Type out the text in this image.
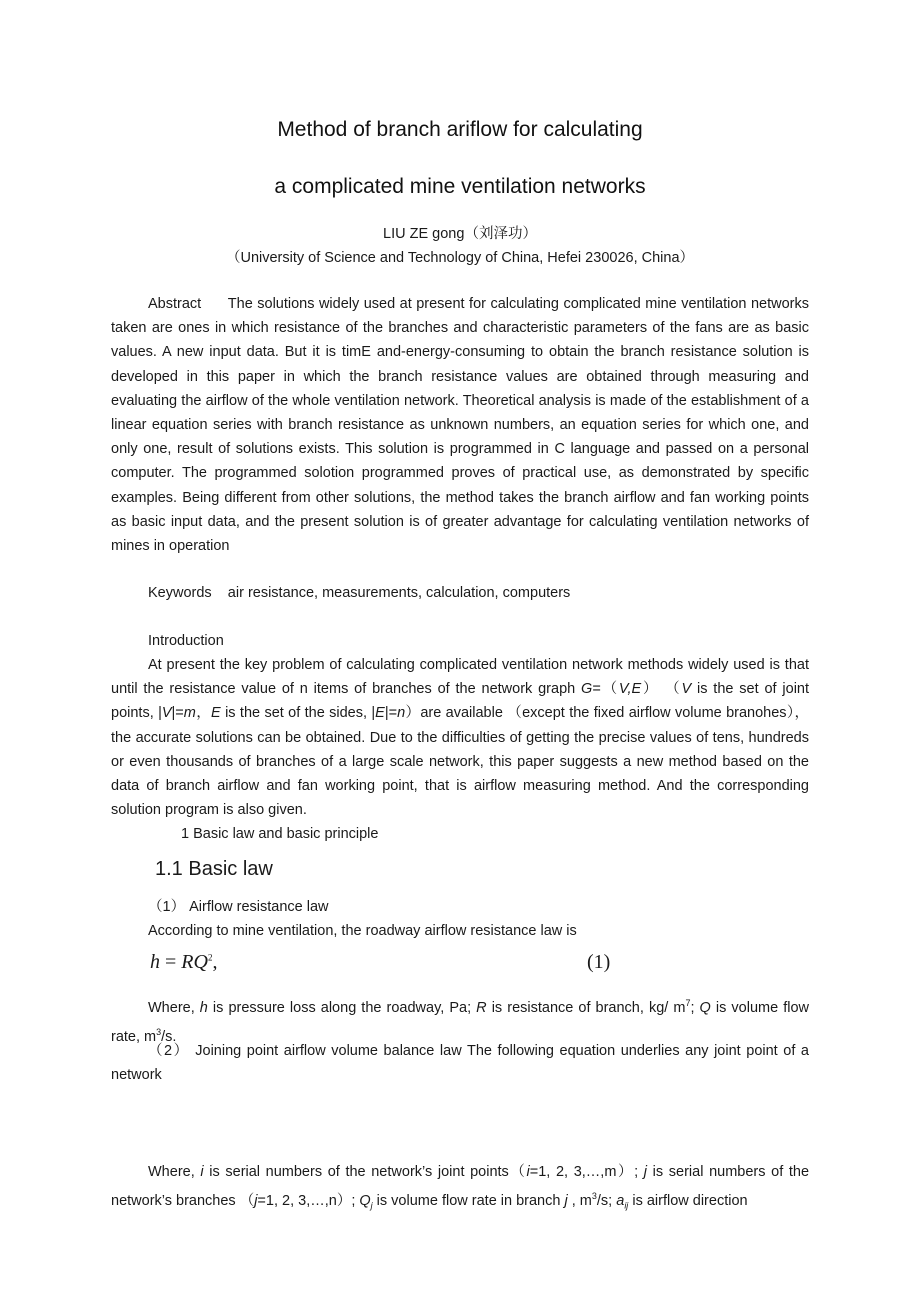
Method of branch ariflow for calculating
a complicated mine ventilation networks
LIU ZE gong（刘泽功）
（University of Science and Technology of China, Hefei 230026, China）
Abstract The solutions widely used at present for calculating complicated mine ventilation networks taken are ones in which resistance of the branches and characteristic parameters of the fans are as basic values. A new input data. But it is timE and-energy-consuming to obtain the branch resistance solution is developed in this paper in which the branch resistance values are obtained through measuring and evaluating the airflow of the whole ventilation network. Theoretical analysis is made of the establishment of a linear equation series with branch resistance as unknown numbers, an equation series for which one, and only one, result of solutions exists. This solution is programmed in C language and passed on a personal computer. The programmed solotion programmed proves of practical use, as demonstrated by specific examples. Being different from other solutions, the method takes the branch airflow and fan working points as basic input data, and the present solution is of greater advantage for calculating ventilation networks of mines in operation
Keywords air resistance, measurements, calculation, computers
Introduction
At present the key problem of calculating complicated ventilation network methods widely used is that until the resistance value of n items of branches of the network graph G=（V,E） （V is the set of joint points, |V|=m，E is the set of the sides, |E|=n）are available （except the fixed airflow volume branohes），the accurate solutions can be obtained. Due to the difficulties of getting the precise values of tens, hundreds or even thousands of branches of a large scale network, this paper suggests a new method based on the data of branch airflow and fan working point, that is airflow measuring method. And the corresponding solution program is also given.
1 Basic law and basic principle
1.1 Basic law
（1） Airflow resistance law
According to mine ventilation, the roadway airflow resistance law is
$h = RQ^2$,	(1)
Where, h is pressure loss along the roadway, Pa; R is resistance of branch, kg/ $m^7$; Q is volume flow rate, $m^3/s$.
（2） Joining point airflow volume balance law The following equation underlies any joint point of a network
Where, i is serial numbers of the network’s joint points（i=1, 2, 3,…,m）; j is serial numbers of the network’s branches （j=1, 2, 3,…,n）; $Q_j$ is volume flow rate in branch j , $m^3/s$; $a_{ij}$ is airflow direction
